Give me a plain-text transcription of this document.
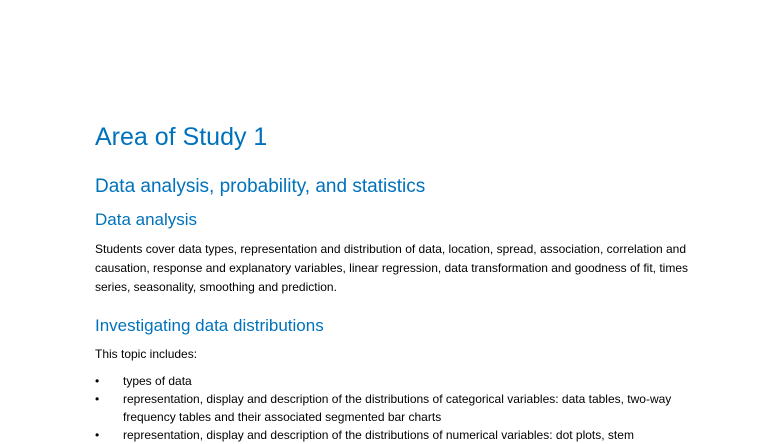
Area of Study 1
Data analysis, probability, and statistics
Data analysis

Students cover data types, representation and distribution of data, location, spread, association, correlation and causation, response and explanatory variables, linear regression, data transformation and goodness of fit, times series, seasonality, smoothing and prediction.

Investigating data distributions

This topic includes:

•	types of data
•	representation, display and description of the distributions of categorical variables: data tables, two-way frequency tables and their associated segmented bar charts
•	representation, display and description of the distributions of numerical variables: dot plots, stem
